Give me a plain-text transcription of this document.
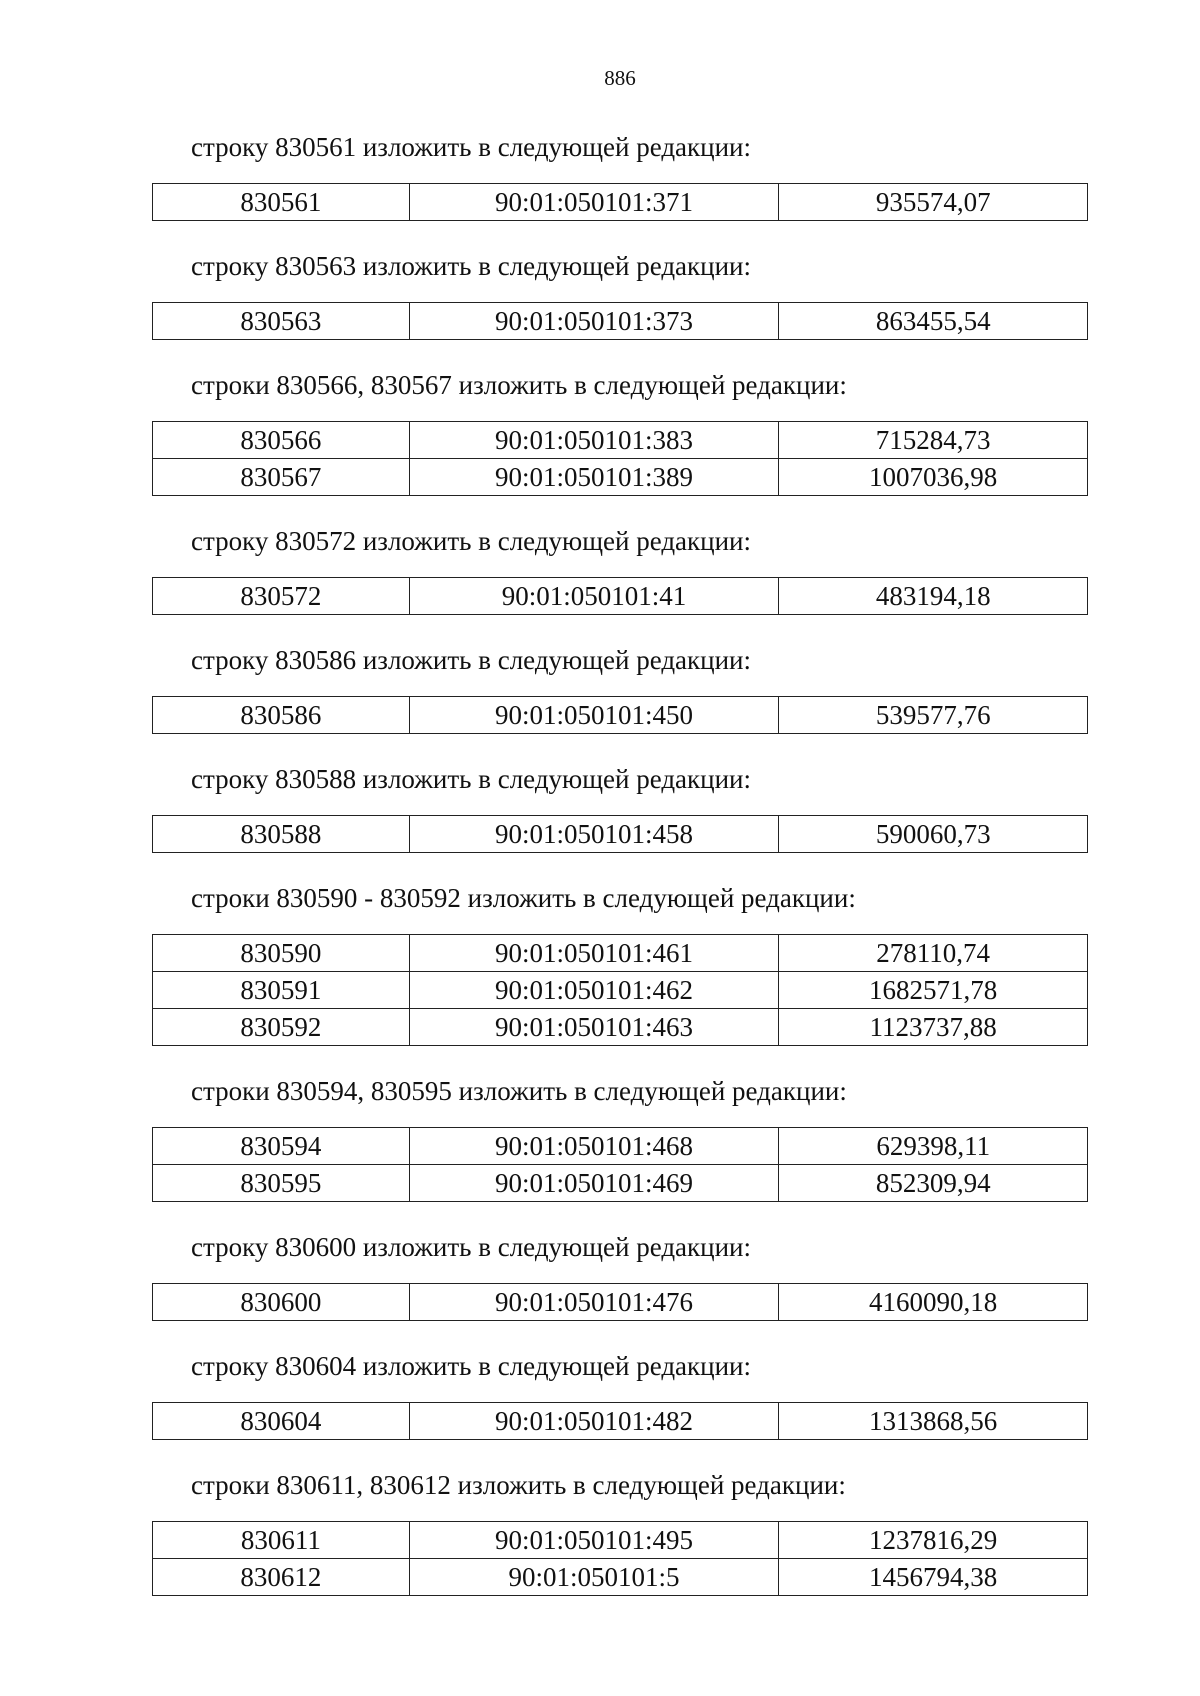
886

строку 830561 изложить в следующей редакции:

830561	90:01:050101:371	935574,07

строку 830563 изложить в следующей редакции:

830563	90:01:050101:373	863455,54

строки 830566, 830567 изложить в следующей редакции:

830566	90:01:050101:383	715284,73
830567	90:01:050101:389	1007036,98

строку 830572 изложить в следующей редакции:

830572	90:01:050101:41	483194,18

строку 830586 изложить в следующей редакции:

830586	90:01:050101:450	539577,76

строку 830588 изложить в следующей редакции:

830588	90:01:050101:458	590060,73

строки 830590 - 830592 изложить в следующей редакции:

830590	90:01:050101:461	278110,74
830591	90:01:050101:462	1682571,78
830592	90:01:050101:463	1123737,88

строки 830594, 830595 изложить в следующей редакции:

830594	90:01:050101:468	629398,11
830595	90:01:050101:469	852309,94

строку 830600 изложить в следующей редакции:

830600	90:01:050101:476	4160090,18

строку 830604 изложить в следующей редакции:

830604	90:01:050101:482	1313868,56

строки 830611, 830612 изложить в следующей редакции:

830611	90:01:050101:495	1237816,29
830612	90:01:050101:5	1456794,38
